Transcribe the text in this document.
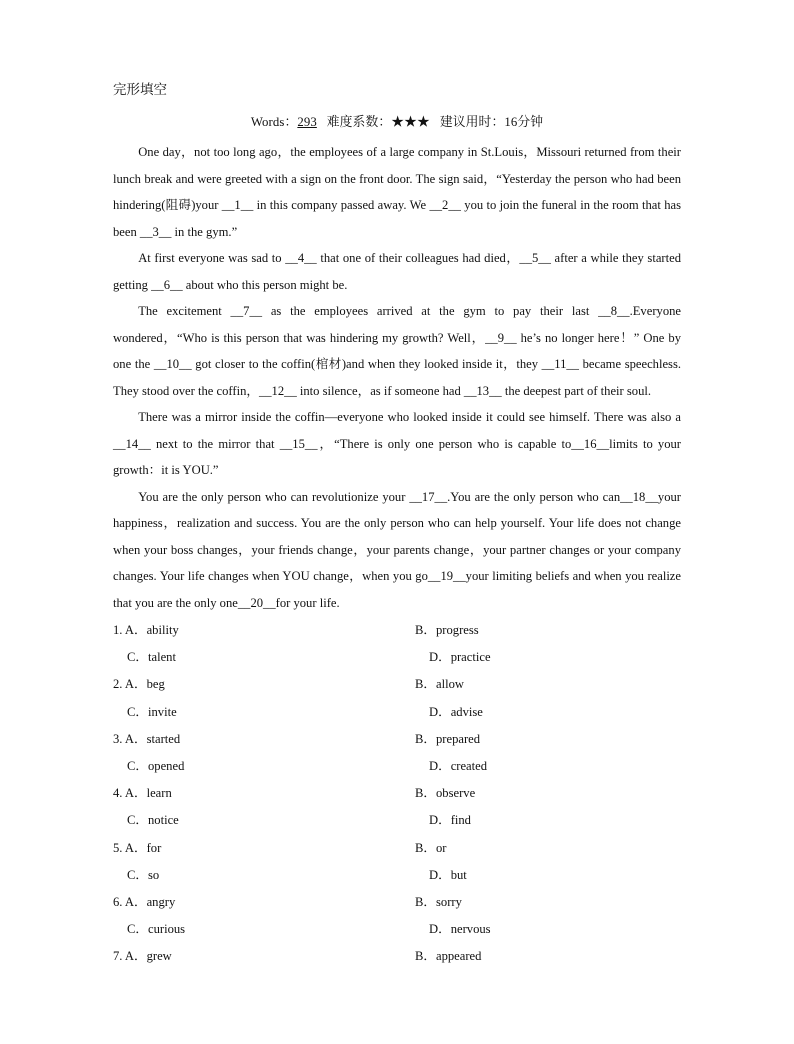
完形填空
Words：293 难度系数：★★★ 建议用时：16分钟

One day，not too long ago，the employees of a large company in St.Louis，Missouri returned from their lunch break and were greeted with a sign on the front door. The sign said，“Yesterday the person who had been hindering(阻碍)your __1__ in this company passed away. We __2__ you to join the funeral in the room that has been __3__ in the gym.”

At first everyone was sad to __4__ that one of their colleagues had died，__5__ after a while they started getting __6__ about who this person might be.

The excitement __7__ as the employees arrived at the gym to pay their last __8__.Everyone wondered，“Who is this person that was hindering my growth? Well，__9__ he’s no longer here！” One by one the __10__ got closer to the coffin(棺材)and when they looked inside it，they __11__ became speechless. They stood over the coffin，__12__ into silence，as if someone had __13__ the deepest part of their soul.

There was a mirror inside the coffin—everyone who looked inside it could see himself. There was also a __14__ next to the mirror that __15__，“There is only one person who is capable to__16__limits to your growth：it is YOU.”

You are the only person who can revolutionize your __17__.You are the only person who can__18__your happiness，realization and success. You are the only person who can help yourself. Your life does not change when your boss changes，your friends change，your parents change，your partner changes or your company changes. Your life changes when YOU change，when you go__19__your limiting beliefs and when you realize that you are the only one__20__for your life.

1. A．ability	B．progress
C．talent	D．practice
2. A．beg	B．allow
C．invite	D．advise
3. A．started	B．prepared
C．opened	D．created
4. A．learn	B．observe
C．notice	D．find
5. A．for	B．or
C．so	D．but
6. A．angry	B．sorry
C．curious	D．nervous
7. A．grew	B．appeared
